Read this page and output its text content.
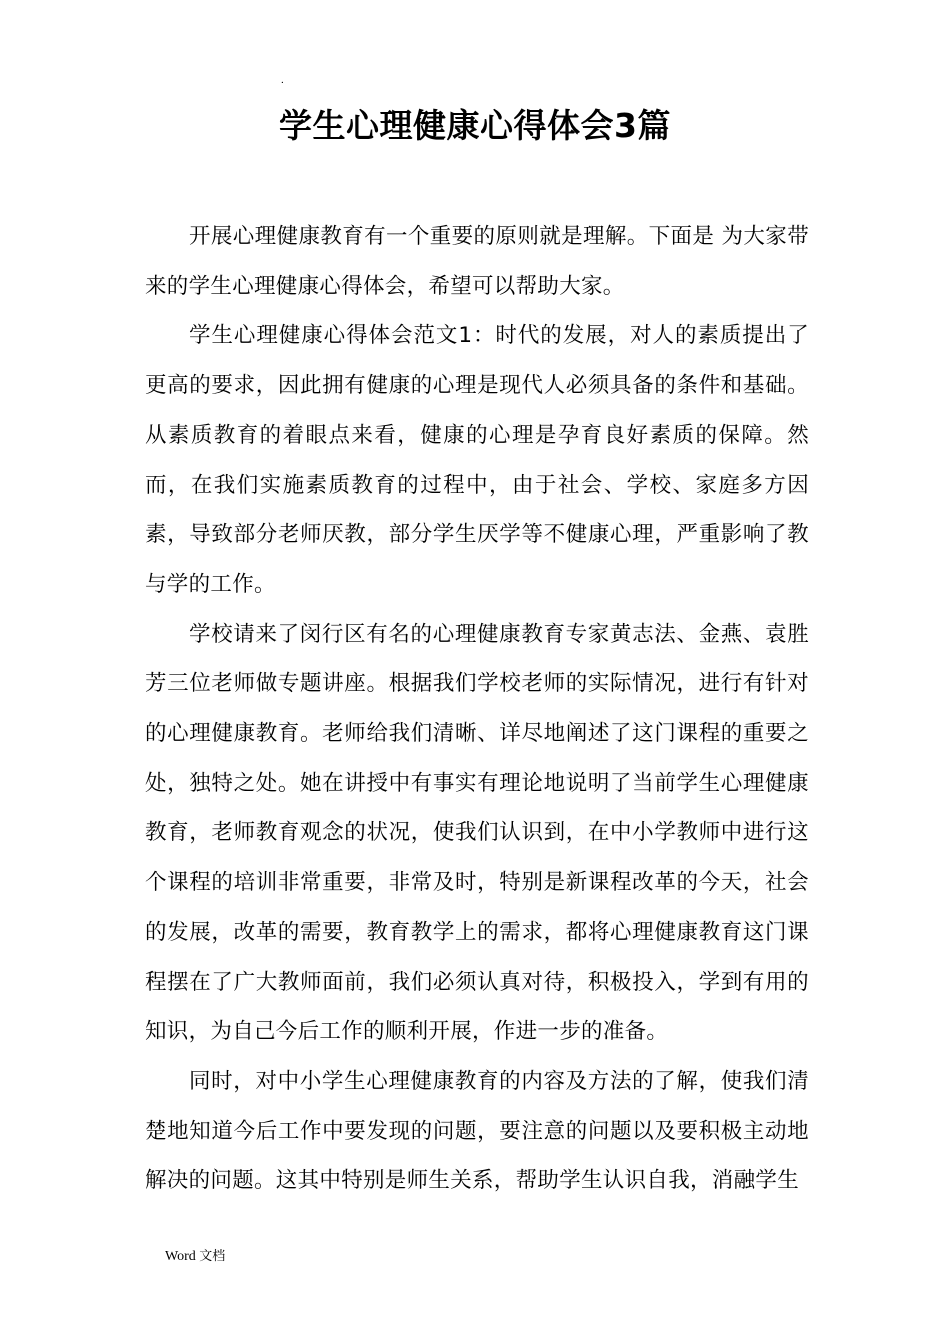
.
学生心理健康心得体会3篇

开展心理健康教育有一个重要的原则就是理解。下面是 为大家带来的学生心理健康心得体会，希望可以帮助大家。

学生心理健康心得体会范文1：时代的发展，对人的素质提出了更高的要求，因此拥有健康的心理是现代人必须具备的条件和基础。从素质教育的着眼点来看，健康的心理是孕育良好素质的保障。然而，在我们实施素质教育的过程中，由于社会、学校、家庭多方因素，导致部分老师厌教，部分学生厌学等不健康心理，严重影响了教与学的工作。

学校请来了闵行区有名的心理健康教育专家黄志法、金燕、袁胜芳三位老师做专题讲座。根据我们学校老师的实际情况，进行有针对的心理健康教育。老师给我们清晰、详尽地阐述了这门课程的重要之处，独特之处。她在讲授中有事实有理论地说明了当前学生心理健康教育，老师教育观念的状况，使我们认识到，在中小学教师中进行这个课程的培训非常重要，非常及时，特别是新课程改革的今天，社会的发展，改革的需要，教育教学上的需求，都将心理健康教育这门课程摆在了广大教师面前，我们必须认真对待，积极投入，学到有用的知识，为自己今后工作的顺利开展，作进一步的准备。

同时，对中小学生心理健康教育的内容及方法的了解，使我们清楚地知道今后工作中要发现的问题，要注意的问题以及要积极主动地解决的问题。这其中特别是师生关系，帮助学生认识自我，消融学生

Word 文档
